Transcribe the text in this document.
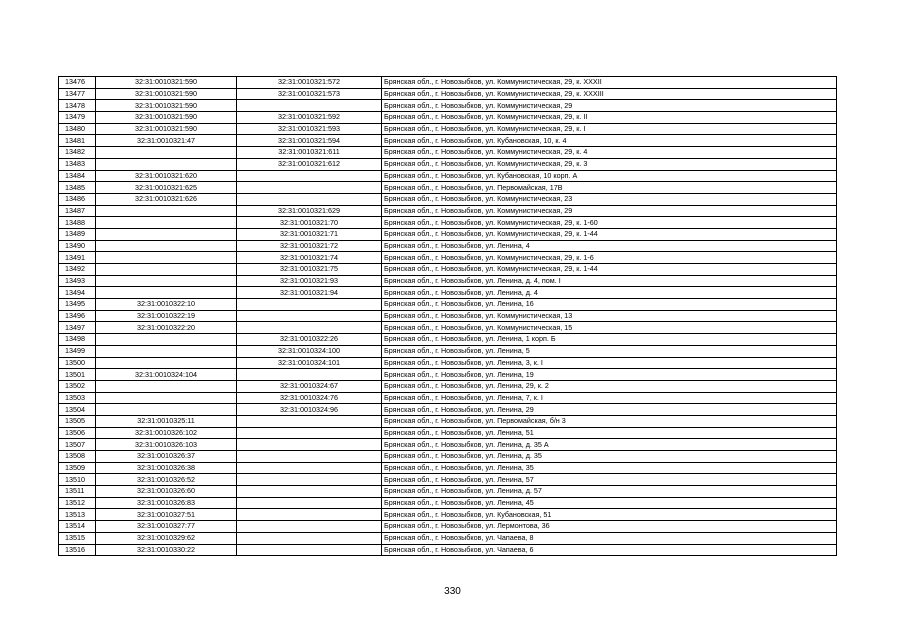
13476	32:31:0010321:590	32:31:0010321:572	Брянская обл., г. Новозыбков, ул. Коммунистическая, 29, к. XXXII
13477	32:31:0010321:590	32:31:0010321:573	Брянская обл., г. Новозыбков, ул. Коммунистическая, 29, к. XXXIII
13478	32:31:0010321:590		Брянская обл., г. Новозыбков, ул. Коммунистическая, 29
13479	32:31:0010321:590	32:31:0010321:592	Брянская обл., г. Новозыбков, ул. Коммунистическая, 29, к. II
13480	32:31:0010321:590	32:31:0010321:593	Брянская обл., г. Новозыбков, ул. Коммунистическая, 29, к. I
13481	32:31:0010321:47	32:31:0010321:594	Брянская обл., г. Новозыбков, ул. Кубановская, 10, к. 4
13482		32:31:0010321:611	Брянская обл., г. Новозыбков, ул. Коммунистическая, 29, к. 4
13483		32:31:0010321:612	Брянская обл., г. Новозыбков, ул. Коммунистическая, 29, к. 3
13484	32:31:0010321:620		Брянская обл., г. Новозыбков, ул. Кубановская, 10 корп. А
13485	32:31:0010321:625		Брянская обл., г. Новозыбков, ул. Первомайская, 17В
13486	32:31:0010321:626		Брянская обл., г. Новозыбков, ул. Коммунистическая, 23
13487		32:31:0010321:629	Брянская обл., г. Новозыбков, ул. Коммунистическая, 29
13488		32:31:0010321:70	Брянская обл., г. Новозыбков, ул. Коммунистическая, 29, к. 1-60
13489		32:31:0010321:71	Брянская обл., г. Новозыбков, ул. Коммунистическая, 29, к. 1-44
13490		32:31:0010321:72	Брянская обл., г. Новозыбков, ул. Ленина, 4
13491		32:31:0010321:74	Брянская обл., г. Новозыбков, ул. Коммунистическая, 29, к. 1-6
13492		32:31:0010321:75	Брянская обл., г. Новозыбков, ул. Коммунистическая, 29, к. 1-44
13493		32:31:0010321:93	Брянская обл., г. Новозыбков, ул. Ленина, д. 4, пом. I
13494		32:31:0010321:94	Брянская обл., г. Новозыбков, ул. Ленина, д. 4
13495	32:31:0010322:10		Брянская обл., г. Новозыбков, ул. Ленина, 16
13496	32:31:0010322:19		Брянская обл., г. Новозыбков, ул. Коммунистическая, 13
13497	32:31:0010322:20		Брянская обл., г. Новозыбков, ул. Коммунистическая, 15
13498		32:31:0010322:26	Брянская обл., г. Новозыбков, ул. Ленина, 1 корп. Б
13499		32:31:0010324:100	Брянская обл., г. Новозыбков, ул. Ленина, 5
13500		32:31:0010324:101	Брянская обл., г. Новозыбков, ул. Ленина, 3, к. I
13501	32:31:0010324:104		Брянская обл., г. Новозыбков, ул. Ленина, 19
13502		32:31:0010324:67	Брянская обл., г. Новозыбков, ул. Ленина, 29, к. 2
13503		32:31:0010324:76	Брянская обл., г. Новозыбков, ул. Ленина, 7, к. I
13504		32:31:0010324:96	Брянская обл., г. Новозыбков, ул. Ленина, 29
13505	32:31:0010325:11		Брянская обл., г. Новозыбков, ул. Первомайская, б/н 3
13506	32:31:0010326:102		Брянская обл., г. Новозыбков, ул. Ленина, 51
13507	32:31:0010326:103		Брянская обл., г. Новозыбков, ул. Ленина, д. 35 А
13508	32:31:0010326:37		Брянская обл., г. Новозыбков, ул. Ленина, д. 35
13509	32:31:0010326:38		Брянская обл., г. Новозыбков, ул. Ленина, 35
13510	32:31:0010326:52		Брянская обл., г. Новозыбков, ул. Ленина, 57
13511	32:31:0010326:60		Брянская обл., г. Новозыбков, ул. Ленина, д. 57
13512	32:31:0010326:83		Брянская обл., г. Новозыбков, ул. Ленина, 45
13513	32:31:0010327:51		Брянская обл., г. Новозыбков, ул. Кубановская, 51
13514	32:31:0010327:77		Брянская обл., г. Новозыбков, ул. Лермонтова, 36
13515	32:31:0010329:62		Брянская обл., г. Новозыбков, ул. Чапаева, 8
13516	32:31:0010330:22		Брянская обл., г. Новозыбков, ул. Чапаева, 6
330
